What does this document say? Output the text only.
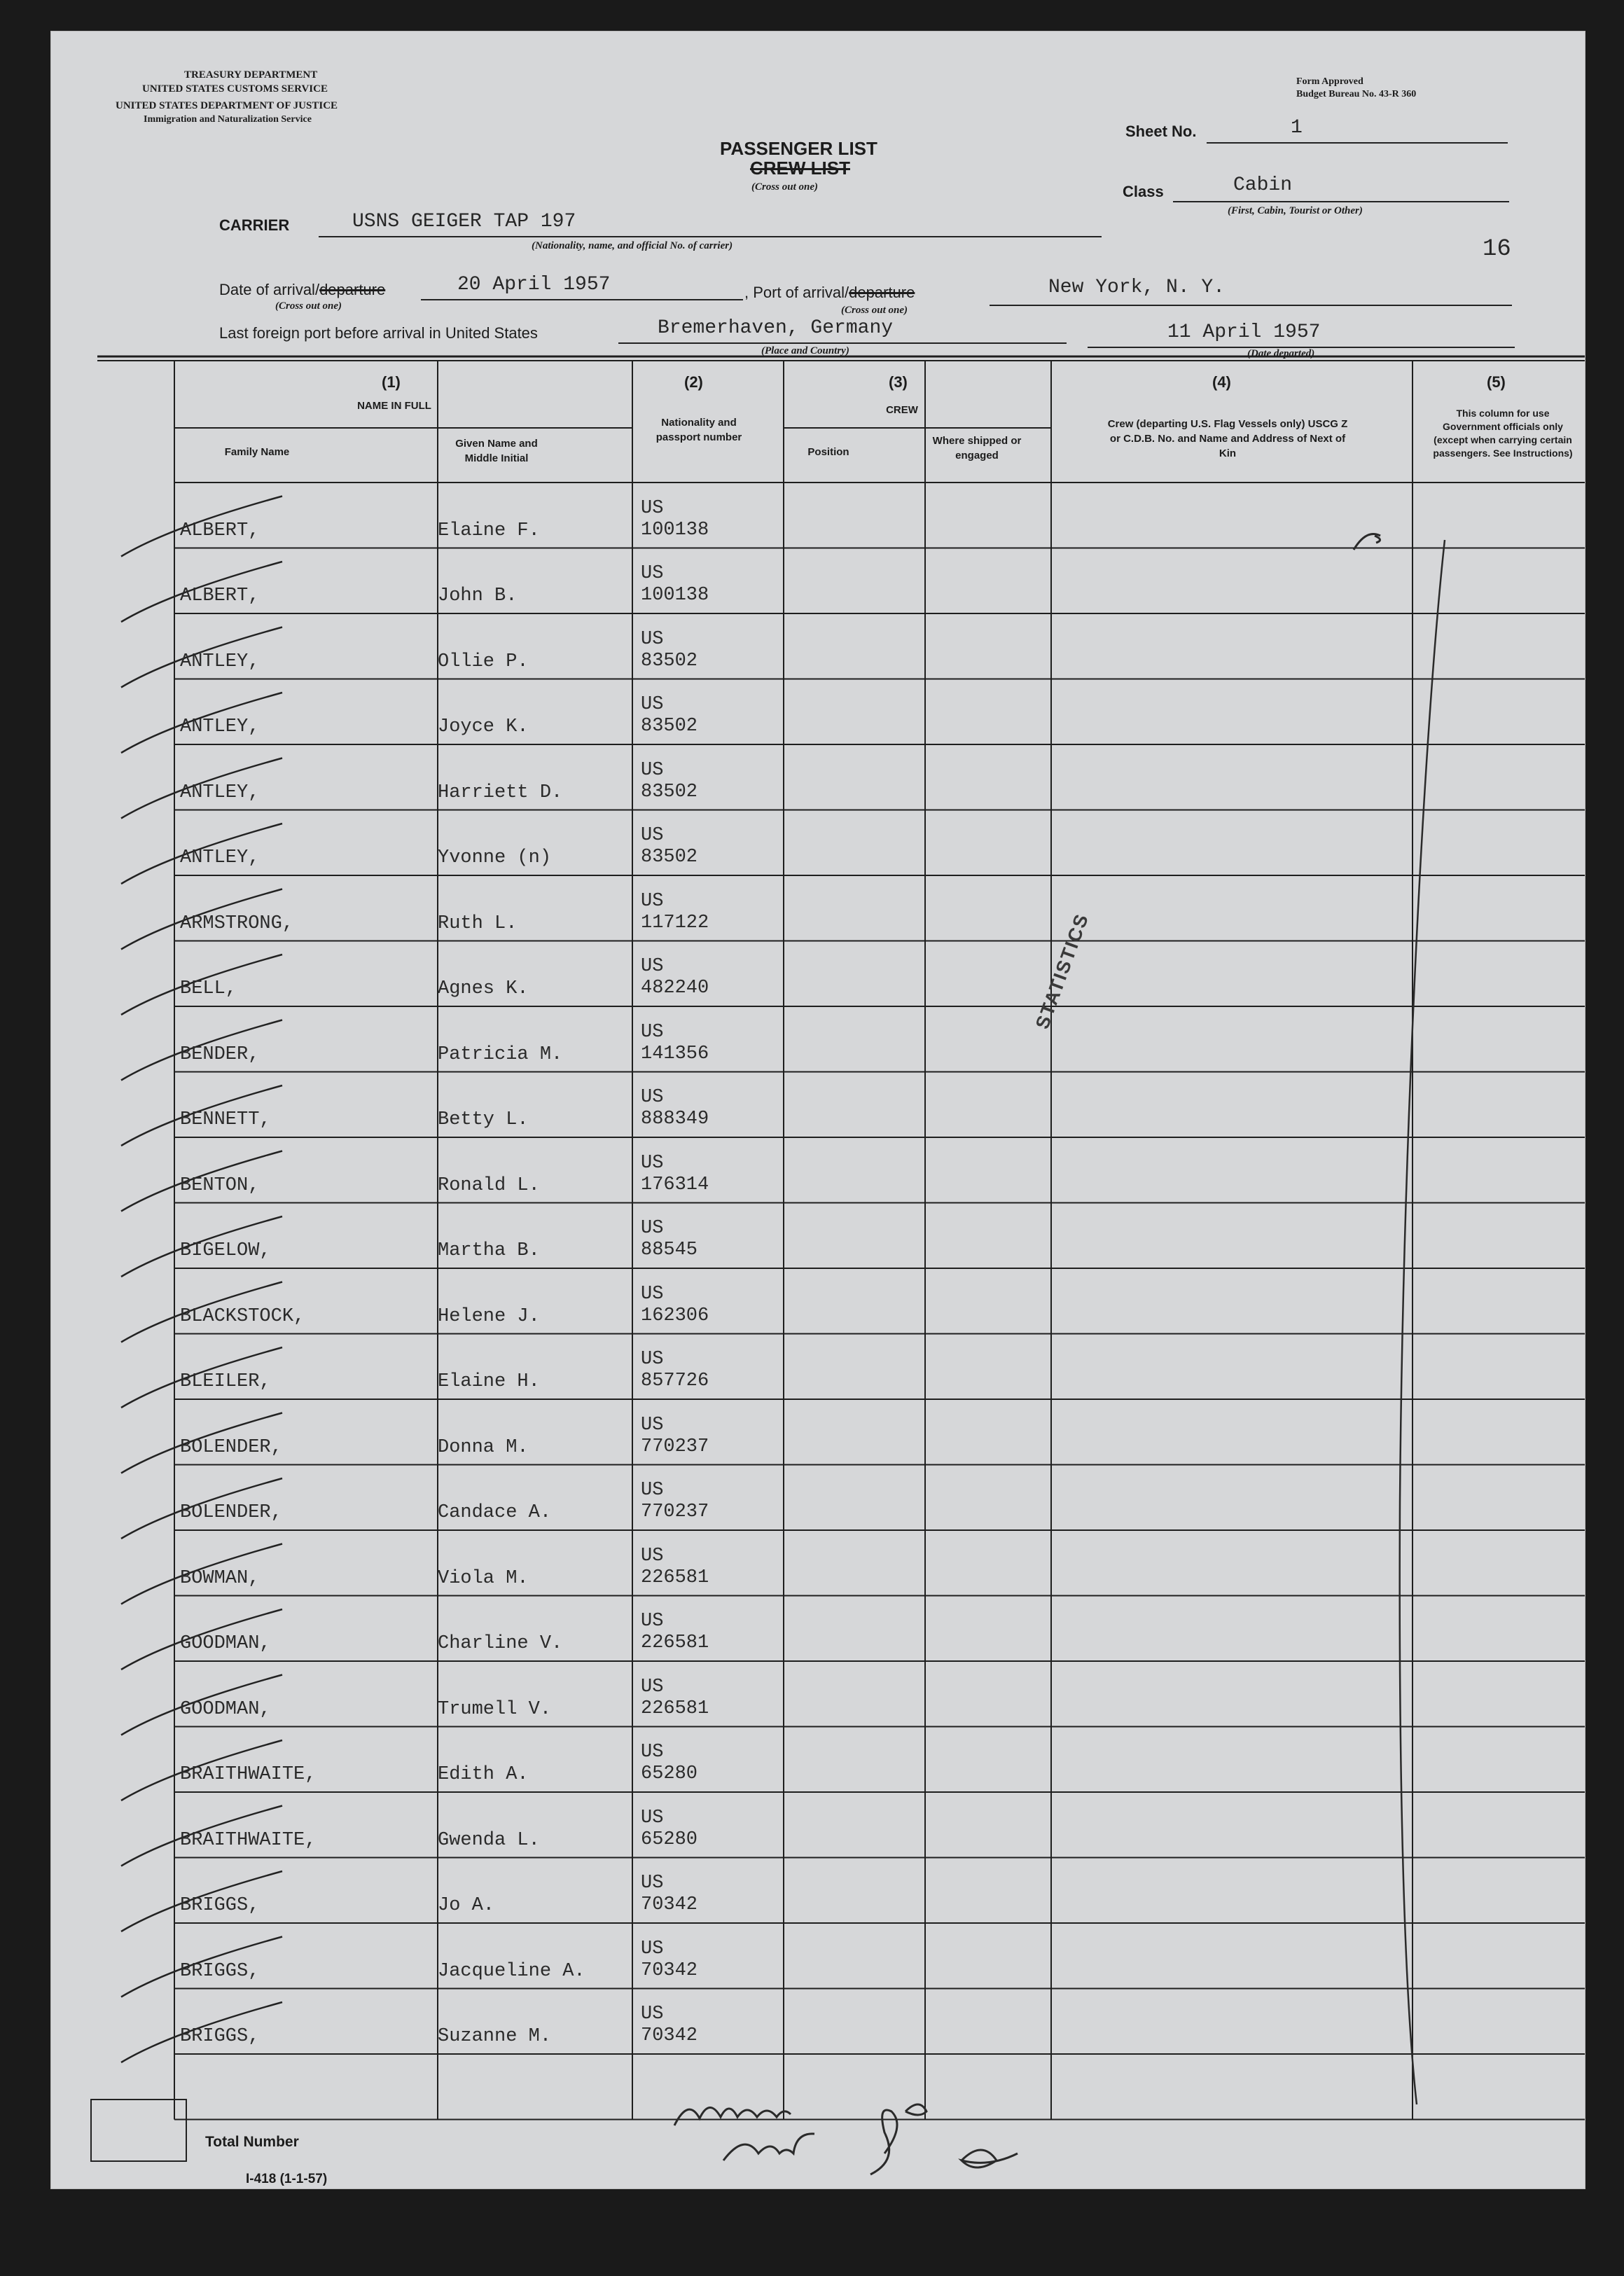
TREASURY DEPARTMENT
UNITED STATES CUSTOMS SERVICE
UNITED STATES DEPARTMENT OF JUSTICE
Immigration and Naturalization Service
Form Approved
Budget Bureau No. 43-R 360
PASSENGER LIST
CREW LIST
(Cross out one)
Sheet No.	1
Class	Cabin
(First, Cabin, Tourist or Other)
16
CARRIER	USNS GEIGER TAP 197
(Nationality, name, and official No. of carrier)
Date of arrival/departure	20 April 1957
(Cross out one)
, Port of arrival/departure	New York, N. Y.
(Cross out one)
Last foreign port before arrival in United States	Bremerhaven, Germany
(Place and Country)
11 April 1957
(Date departed)
(1)
NAME IN FULL
Family Name
Given Name and Middle Initial
(2)
Nationality and passport number
(3)
CREW
Position
Where shipped or engaged
(4)
Crew (departing U.S. Flag Vessels only) USCG Z or C.D.B. No. and Name and Address of Next of Kin
(5)
This column for use Government officials only (except when carrying certain passengers. See Instructions)
ALBERT,	Elaine F.
US
100138
ALBERT,	John B.
US
100138
ANTLEY,	Ollie P.
US
83502
ANTLEY,	Joyce K.
US
83502
ANTLEY,	Harriett D.
US
83502
ANTLEY,	Yvonne (n)
US
83502
ARMSTRONG,	Ruth L.
US
117122
BELL,	Agnes K.
US
482240
BENDER,	Patricia M.
US
141356
BENNETT,	Betty L.
US
888349
BENTON,	Ronald L.
US
176314
BIGELOW,	Martha B.
US
88545
BLACKSTOCK,	Helene J.
US
162306
BLEILER,	Elaine H.
US
857726
BOLENDER,	Donna M.
US
770237
BOLENDER,	Candace A.
US
770237
BOWMAN,	Viola M.
US
226581
GOODMAN,	Charline V.
US
226581
GOODMAN,	Trumell V.
US
226581
BRAITHWAITE,	Edith A.
US
65280
BRAITHWAITE,	Gwenda L.
US
65280
BRIGGS,	Jo A.
US
70342
BRIGGS,	Jacqueline A.
US
70342
BRIGGS,	Suzanne M.
US
70342
STATISTICS
Total Number
I-418 (1-1-57)
